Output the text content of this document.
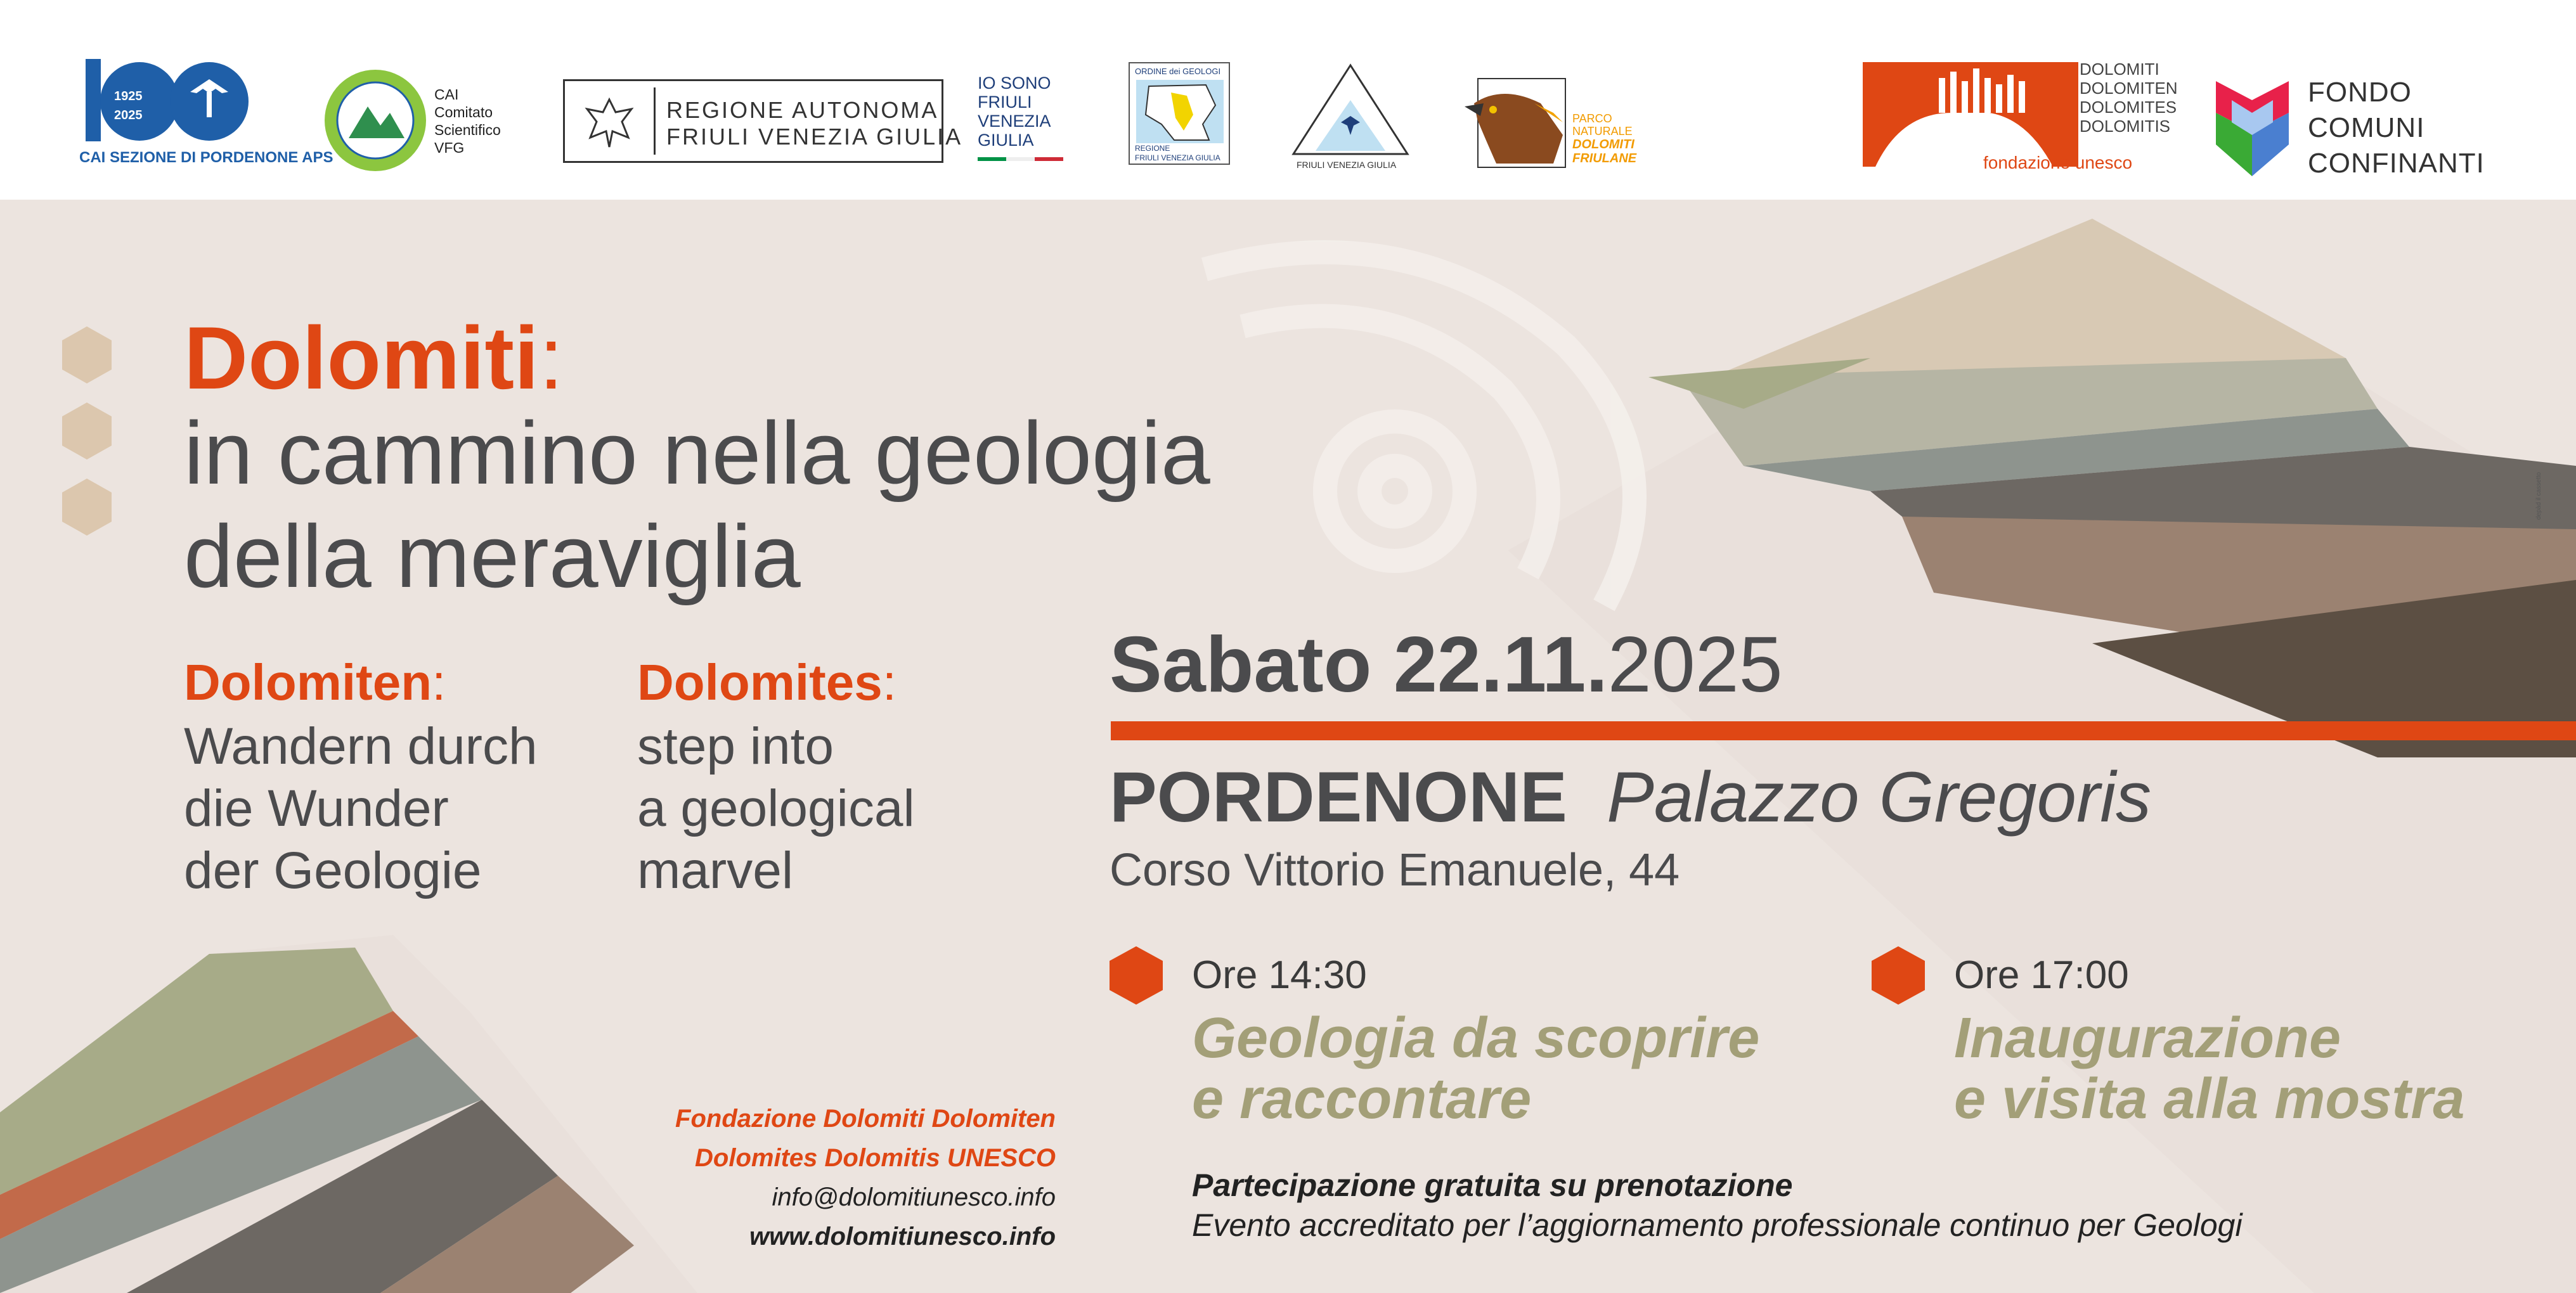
1925
2025
CAI SEZIONE DI PORDENONE APS
CAI
Comitato
Scientifico
VFG
REGIONE AUTONOMA
FRIULI VENEZIA GIULIA
IO SONO
FRIULI
VENEZIA
GIULIA
ORDINE dei GEOLOGI
REGIONE
FRIULI VENEZIA GIULIA
FRIULI VENEZIA GIULIA
PARCO
NATURALE
DOLOMITI
FRIULANE
DOLOMITI
DOLOMITEN
DOLOMITES
DOLOMITIS
fondazione unesco
FONDO
COMUNI
CONFINANTI
Dolomiti:
in cammino nella geologia
della meraviglia
Dolomiten:
Wandern durch
die Wunder
der Geologie
Dolomites:
step into
a geological
marvel
Sabato 22.11.2025
PORDENONE Palazzo Gregoris
Corso Vittorio Emanuele, 44
Ore 14:30
Geologia da scoprire
e raccontare
Ore 17:00
Inaugurazione
e visita alla mostra
Partecipazione gratuita su prenotazione
Evento accreditato per l’aggiornamento professionale continuo per Geologi
Fondazione Dolomiti Dolomiten
Dolomites Dolomitis UNESCO
info@dolomitiunesco.info
www.dolomitiunesco.info
depàd il cassetto
